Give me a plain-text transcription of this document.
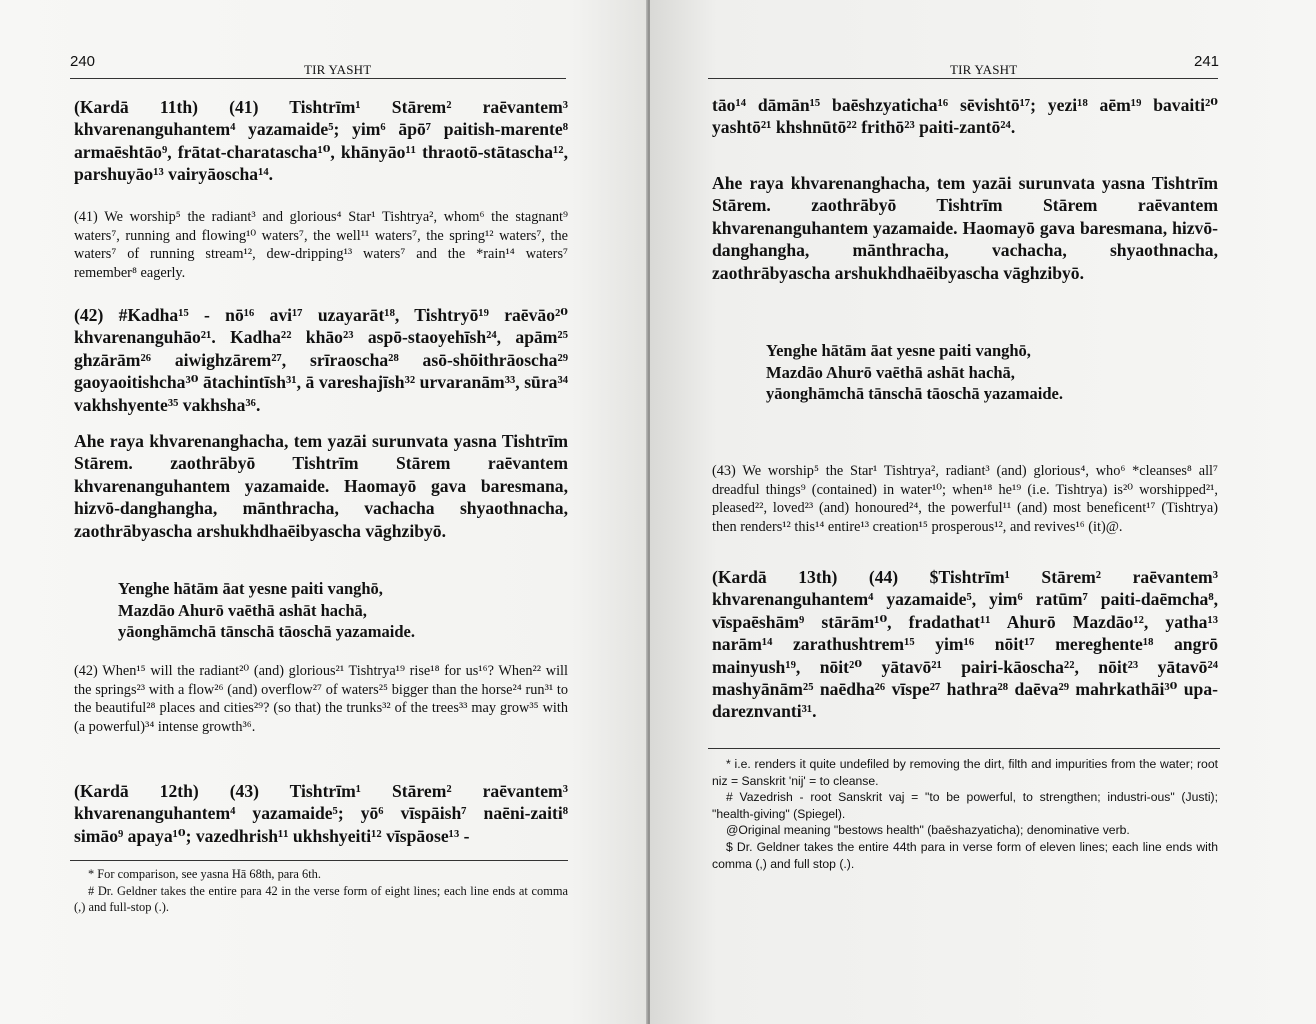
240	TIR YASHT

(Kardā 11th) (41) Tishtrīm¹ Stārem² raēvantem³ khvarenanguhantem⁴ yazamaide⁵; yim⁶ āpō⁷ paitish-marente⁸ armaēshtāo⁹, frātat-charatascha¹⁰, khānyāo¹¹ thraotō-stātascha¹², parshuyāo¹³ vairyāoscha¹⁴.

(41) We worship⁵ the radiant³ and glorious⁴ Star¹ Tishtrya², whom⁶ the stagnant⁹ waters⁷, running and flowing¹⁰ waters⁷, the well¹¹ waters⁷, the spring¹² waters⁷, the waters⁷ of running stream¹², dew-dripping¹³ waters⁷ and the *rain¹⁴ waters⁷ remember⁸ eagerly.

(42) #Kadha¹⁵ - nō¹⁶ avi¹⁷ uzayarāt¹⁸, Tishtryō¹⁹ raēvāo²⁰ khvarenanguhāo²¹. Kadha²² khāo²³ aspō-staoyehīsh²⁴, apām²⁵ ghzārām²⁶ aiwighzārem²⁷, srīraoscha²⁸ asō-shōithrāoscha²⁹ gaoyaoitishcha³⁰ ātachintīsh³¹, ā vareshajīsh³² urvaranām³³, sūra³⁴ vakhshyente³⁵ vakhsha³⁶.

Ahe raya khvarenanghacha, tem yazāi surunvata yasna Tishtrīm Stārem. zaothrābyō Tishtrīm Stārem raēvantem khvarenanguhantem yazamaide. Haomayō gava baresmana, hizvō-danghangha, mānthracha, vachacha shyaothnacha, zaothrābyascha arshukhdhaēibyascha vāghzibyō.

Yenghe hātām āat yesne paiti vanghō,

Mazdāo Ahurō vaēthā ashāt hachā,

yāonghāmchā tānschā tāoschā yazamaide.

(42) When¹⁵ will the radiant²⁰ (and) glorious²¹ Tishtrya¹⁹ rise¹⁸ for us¹⁶? When²² will the springs²³ with a flow²⁶ (and) overflow²⁷ of waters²⁵ bigger than the horse²⁴ run³¹ to the beautiful²⁸ places and cities²⁹? (so that) the trunks³² of the trees³³ may grow³⁵ with (a powerful)³⁴ intense growth³⁶.

(Kardā 12th) (43) Tishtrīm¹ Stārem² raēvantem³ khvarenanguhantem⁴ yazamaide⁵; yō⁶ vīspāish⁷ naēni-zaiti⁸ simāo⁹ apaya¹⁰; vazedhrish¹¹ ukhshyeiti¹² vīspāose¹³ -

* For comparison, see yasna Hā 68th, para 6th.

# Dr. Geldner takes the entire para 42 in the verse form of eight lines; each line ends at comma (,) and full-stop (.).

TIR YASHT	241

tāo¹⁴ dāmān¹⁵ baēshzyaticha¹⁶ sēvishtō¹⁷; yezi¹⁸ aēm¹⁹ bavaiti²⁰ yashtō²¹ khshnūtō²² frithō²³ paiti-zantō²⁴.

Ahe raya khvarenanghacha, tem yazāi surunvata yasna Tishtrīm Stārem. zaothrābyō Tishtrīm Stārem raēvantem khvarenanguhantem yazamaide. Haomayō gava baresmana, hizvō-danghangha, mānthracha, vachacha, shyaothnacha, zaothrābyascha arshukhdhaēibyascha vāghzibyō.

Yenghe hātām āat yesne paiti vanghō,

Mazdāo Ahurō vaēthā ashāt hachā,

yāonghāmchā tānschā tāoschā yazamaide.

(43) We worship⁵ the Star¹ Tishtrya², radiant³ (and) glorious⁴, who⁶ *cleanses⁸ all⁷ dreadful things⁹ (contained) in water¹⁰; when¹⁸ he¹⁹ (i.e. Tishtrya) is²⁰ worshipped²¹, pleased²², loved²³ (and) honoured²⁴, the powerful¹¹ (and) most beneficent¹⁷ (Tishtrya) then renders¹² this¹⁴ entire¹³ creation¹⁵ prosperous¹², and revives¹⁶ (it)@.

(Kardā 13th) (44) $Tishtrīm¹ Stārem² raēvantem³ khvarenanguhantem⁴ yazamaide⁵, yim⁶ ratūm⁷ paiti-daēmcha⁸, vīspaēshām⁹ stārām¹⁰, fradathat¹¹ Ahurō Mazdāo¹², yatha¹³ narām¹⁴ zarathushtrem¹⁵ yim¹⁶ nōit¹⁷ mereghente¹⁸ angrō mainyush¹⁹, nōit²⁰ yātavō²¹ pairi-kāoscha²², nōit²³ yātavō²⁴ mashyānām²⁵ naēdha²⁶ vīspe²⁷ hathra²⁸ daēva²⁹ mahrkathāi³⁰ upa-dareznvanti³¹.

* i.e. renders it quite undefiled by removing the dirt, filth and impurities from the water; root niz = Sanskrit 'nij' = to cleanse.

# Vazedrish - root Sanskrit vaj = "to be powerful, to strengthen; industri-ous" (Justi); "health-giving" (Spiegel).

@Original meaning "bestows health" (baēshazyaticha); denominative verb.

$ Dr. Geldner takes the entire 44th para in verse form of eleven lines; each line ends with comma (,) and full stop (.).
